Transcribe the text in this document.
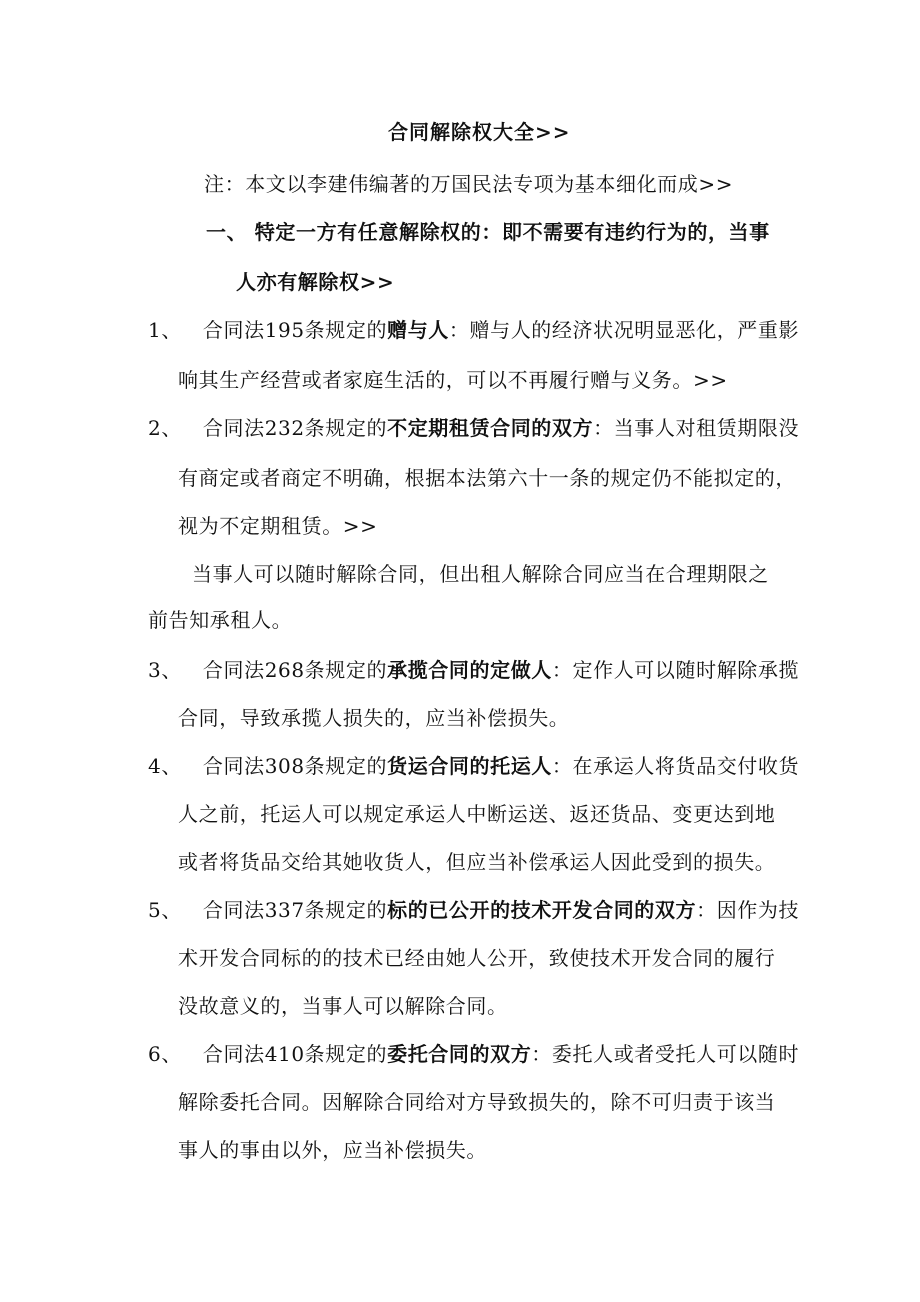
合同解除权大全>>
注：本文以李建伟编著的万国民法专项为基本细化而成>>
一、 特定一方有任意解除权的：即不需要有违约行为的，当事
人亦有解除权>>
1、 合同法195条规定的赠与人：赠与人的经济状况明显恶化，严重影
响其生产经营或者家庭生活的，可以不再履行赠与义务。>>
2、 合同法232条规定的不定期租赁合同的双方：当事人对租赁期限没
有商定或者商定不明确，根据本法第六十一条的规定仍不能拟定的，
视为不定期租赁。>>
当事人可以随时解除合同，但出租人解除合同应当在合理期限之
前告知承租人。
3、 合同法268条规定的承揽合同的定做人：定作人可以随时解除承揽
合同，导致承揽人损失的，应当补偿损失。
4、 合同法308条规定的货运合同的托运人：在承运人将货品交付收货
人之前，托运人可以规定承运人中断运送、返还货品、变更达到地
或者将货品交给其她收货人，但应当补偿承运人因此受到的损失。
5、 合同法337条规定的标的已公开的技术开发合同的双方：因作为技
术开发合同标的的技术已经由她人公开，致使技术开发合同的履行
没故意义的，当事人可以解除合同。
6、 合同法410条规定的委托合同的双方：委托人或者受托人可以随时
解除委托合同。因解除合同给对方导致损失的，除不可归责于该当
事人的事由以外，应当补偿损失。
